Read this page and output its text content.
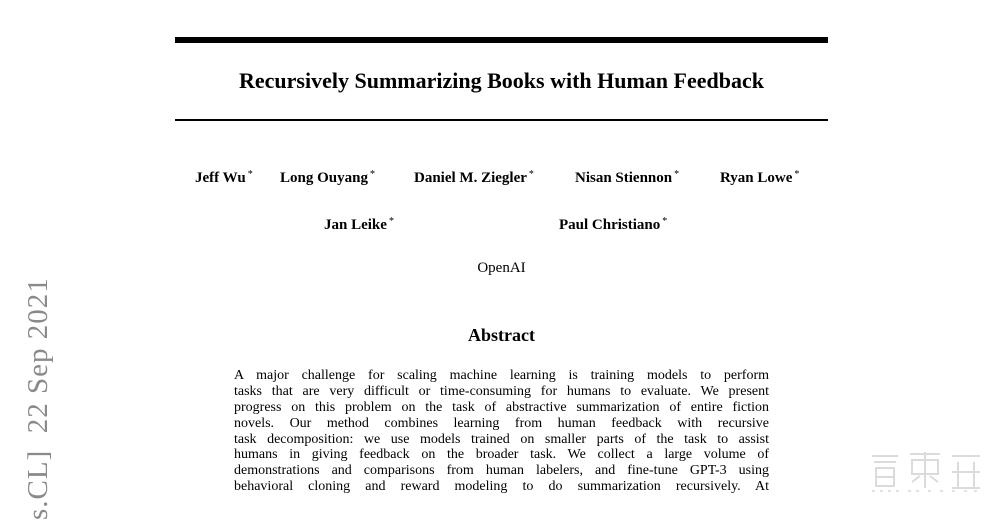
Recursively Summarizing Books with Human Feedback
Jeff Wu * Long Ouyang *	Daniel M. Ziegler *	Nisan Stiennon *	Ryan Lowe *
Jan Leike *	Paul Christiano *
OpenAI
Abstract
A major challenge for scaling machine learning is training models to perform
tasks that are very difficult or time-consuming for humans to evaluate. We present
progress on this problem on the task of abstractive summarization of entire fiction
novels. Our method combines learning from human feedback with recursive
task decomposition: we use models trained on smaller parts of the task to assist
humans in giving feedback on the broader task. We collect a large volume of
demonstrations and comparisons from human labelers, and fine-tune GPT-3 using
behavioral cloning and reward modeling to do summarization recursively. At
s.CL]  22 Sep 2021
